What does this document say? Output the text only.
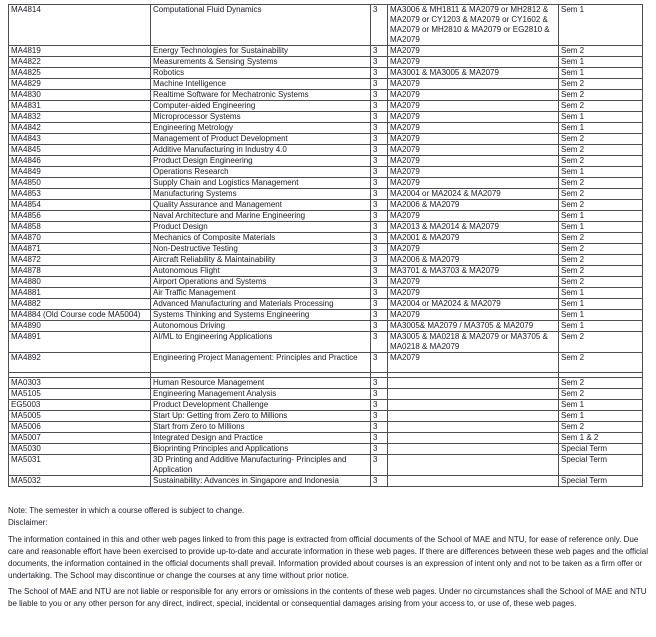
MA4814	Computational Fluid Dynamics	3	MA3006 & MH1811 & MA2079 or MH2812 & MA2079 or CY1203 & MA2079 or CY1602 & MA2079 or MH2810 & MA2079 or EG2810 & MA2079	Sem 1
MA4819	Energy Technologies for Sustainability	3	MA2079	Sem 2
MA4822	Measurements & Sensing Systems	3	MA2079	Sem 1
MA4825	Robotics	3	MA3001 & MA3005 & MA2079	Sem 1
MA4829	Machine Intelligence	3	MA2079	Sem 2
MA4830	Realtime Software for Mechatronic Systems	3	MA2079	Sem 2
MA4831	Computer-aided Engineering	3	MA2079	Sem 2
MA4832	Microprocessor Systems	3	MA2079	Sem 1
MA4842	Engineering Metrology	3	MA2079	Sem 1
MA4843	Management of Product Development	3	MA2079	Sem 2
MA4845	Additive Manufacturing in Industry 4.0	3	MA2079	Sem 2
MA4846	Product Design Engineering	3	MA2079	Sem 2
MA4849	Operations Research	3	MA2079	Sem 1
MA4850	Supply Chain and Logistics Management	3	MA2079	Sem 2
MA4853	Manufacturing Systems	3	MA2004 or MA2024 & MA2079	Sem 2
MA4854	Quality Assurance and Management	3	MA2006 & MA2079	Sem 2
MA4856	Naval Architecture and Marine Engineering	3	MA2079	Sem 1
MA4858	Product Design	3	MA2013 & MA2014 & MA2079	Sem 1
MA4870	Mechanics of Composite Materials	3	MA2001 & MA2079	Sem 2
MA4871	Non-Destructive Testing	3	MA2079	Sem 2
MA4872	Aircraft Reliability & Maintainability	3	MA2006 & MA2079	Sem 2
MA4878	Autonomous Flight	3	MA3701 & MA3703 & MA2079	Sem 2
MA4880	Airport Operations and Systems	3	MA2079	Sem 2
MA4881	Air Traffic Management	3	MA2079	Sem 1
MA4882	Advanced Manufacturing and Materials Processing	3	MA2004 or MA2024 & MA2079	Sem 1
MA4884 (Old Course code MA5004)	Systems Thinking and Systems Engineering	3	MA2079	Sem 1
MA4890	Autonomous Driving	3	MA3005& MA2079 / MA3705 & MA2079	Sem 1
MA4891	AI/ML to Engineering Applications	3	MA3005 & MA0218 & MA2079 or MA3705 & MA0218 & MA2079	Sem 2
MA4892	Engineering Project Management: Principles and Practice	3	MA2079	Sem 2

MA0303	Human Resource Management	3		Sem 2
MA5105	Engineering Management Analysis	3		Sem 2
EG5003	Product Development Challenge	3		Sem 1
MA5005	Start Up: Getting from Zero to Millions	3		Sem 1
MA5006	Start from Zero to Millions	3		Sem 2
MA5007	Integrated Design and Practice	3		Sem 1 & 2
MA5030	Bioprinting Principles and Applications	3		Special Term
MA5031	3D Printing and Additive Manufacturing- Principles and Application	3		Special Term
MA5032	Sustainability: Advances in Singapore and Indonesia	3		Special Term
Note: The semester in which a course offered is subject to change.
Disclaimer:
The information contained in this and other web pages linked to from this page is extracted from official documents of the School of MAE and NTU, for ease of reference only. Due care and reasonable effort have been exercised to provide up-to-date and accurate information in these web pages. If there are differences between these web pages and the official documents, the information contained in the official documents shall prevail. Information provided about courses is an expression of intent only and not to be taken as a firm offer or undertaking. The School may discontinue or change the courses at any time without prior notice.
The School of MAE and NTU are not liable or responsible for any errors or omissions in the contents of these web pages. Under no circumstances shall the School of MAE and NTU be liable to you or any other person for any direct, indirect, special, incidental or consequential damages arising from your access to, or use of, these web pages.
